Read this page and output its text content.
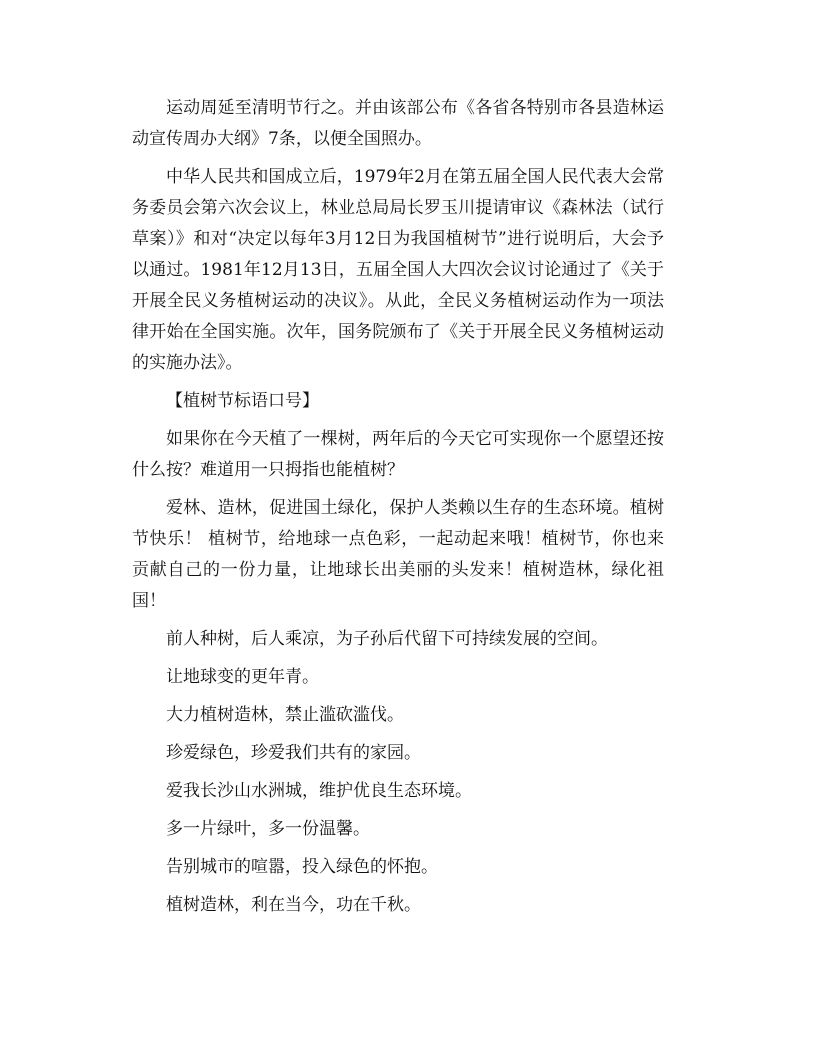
运动周延至清明节行之。并由该部公布《各省各特别市各县造林运动宣传周办大纲》7条，以便全国照办。

中华人民共和国成立后，1979年2月在第五届全国人民代表大会常务委员会第六次会议上，林业总局局长罗玉川提请审议《森林法（试行草案）》和对“决定以每年3月12日为我国植树节”进行说明后，大会予以通过。1981年12月13日，五届全国人大四次会议讨论通过了《关于开展全民义务植树运动的决议》。从此，全民义务植树运动作为一项法律开始在全国实施。次年，国务院颁布了《关于开展全民义务植树运动的实施办法》。

【植树节标语口号】

如果你在今天植了一棵树，两年后的今天它可实现你一个愿望还按什么按？难道用一只拇指也能植树？

爱林、造林，促进国土绿化，保护人类赖以生存的生态环境。植树节快乐！ 植树节，给地球一点色彩，一起动起来哦！植树节，你也来贡献自己的一份力量，让地球长出美丽的头发来！植树造林，绿化祖国！

前人种树，后人乘凉，为子孙后代留下可持续发展的空间。

让地球变的更年青。

大力植树造林，禁止滥砍滥伐。

珍爱绿色，珍爱我们共有的家园。

爱我长沙山水洲城，维护优良生态环境。

多一片绿叶，多一份温馨。

告别城市的喧嚣，投入绿色的怀抱。

植树造林，利在当今，功在千秋。
